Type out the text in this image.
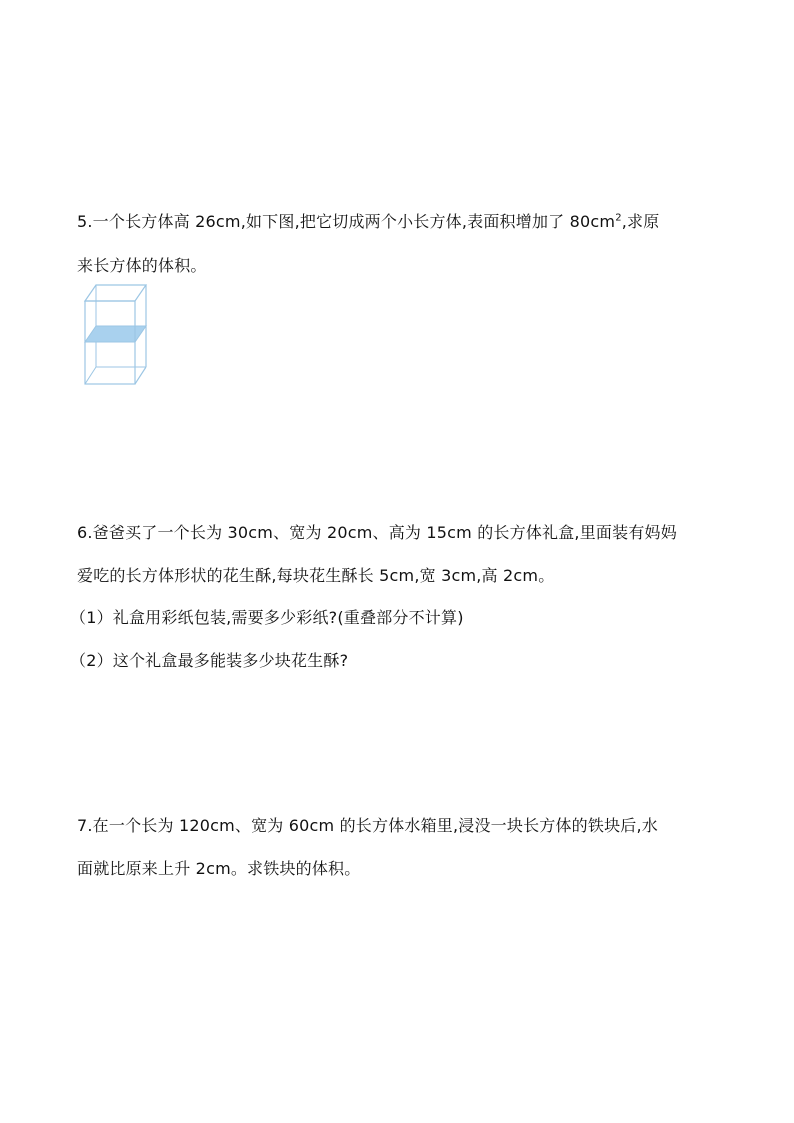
5.一个长方体高 26cm,如下图,把它切成两个小长方体,表面积增加了 $80cm^2$,求原
来长方体的体积。
6.爸爸买了一个长为 30cm、宽为 20cm、高为 15cm 的长方体礼盒,里面装有妈妈
爱吃的长方体形状的花生酥,每块花生酥长 5cm,宽 3cm,高 2cm。
（1）礼盒用彩纸包装,需要多少彩纸?(重叠部分不计算)
（2）这个礼盒最多能装多少块花生酥?
7.在一个长为 120cm、宽为 60cm 的长方体水箱里,浸没一块长方体的铁块后,水
面就比原来上升 2cm。求铁块的体积。
